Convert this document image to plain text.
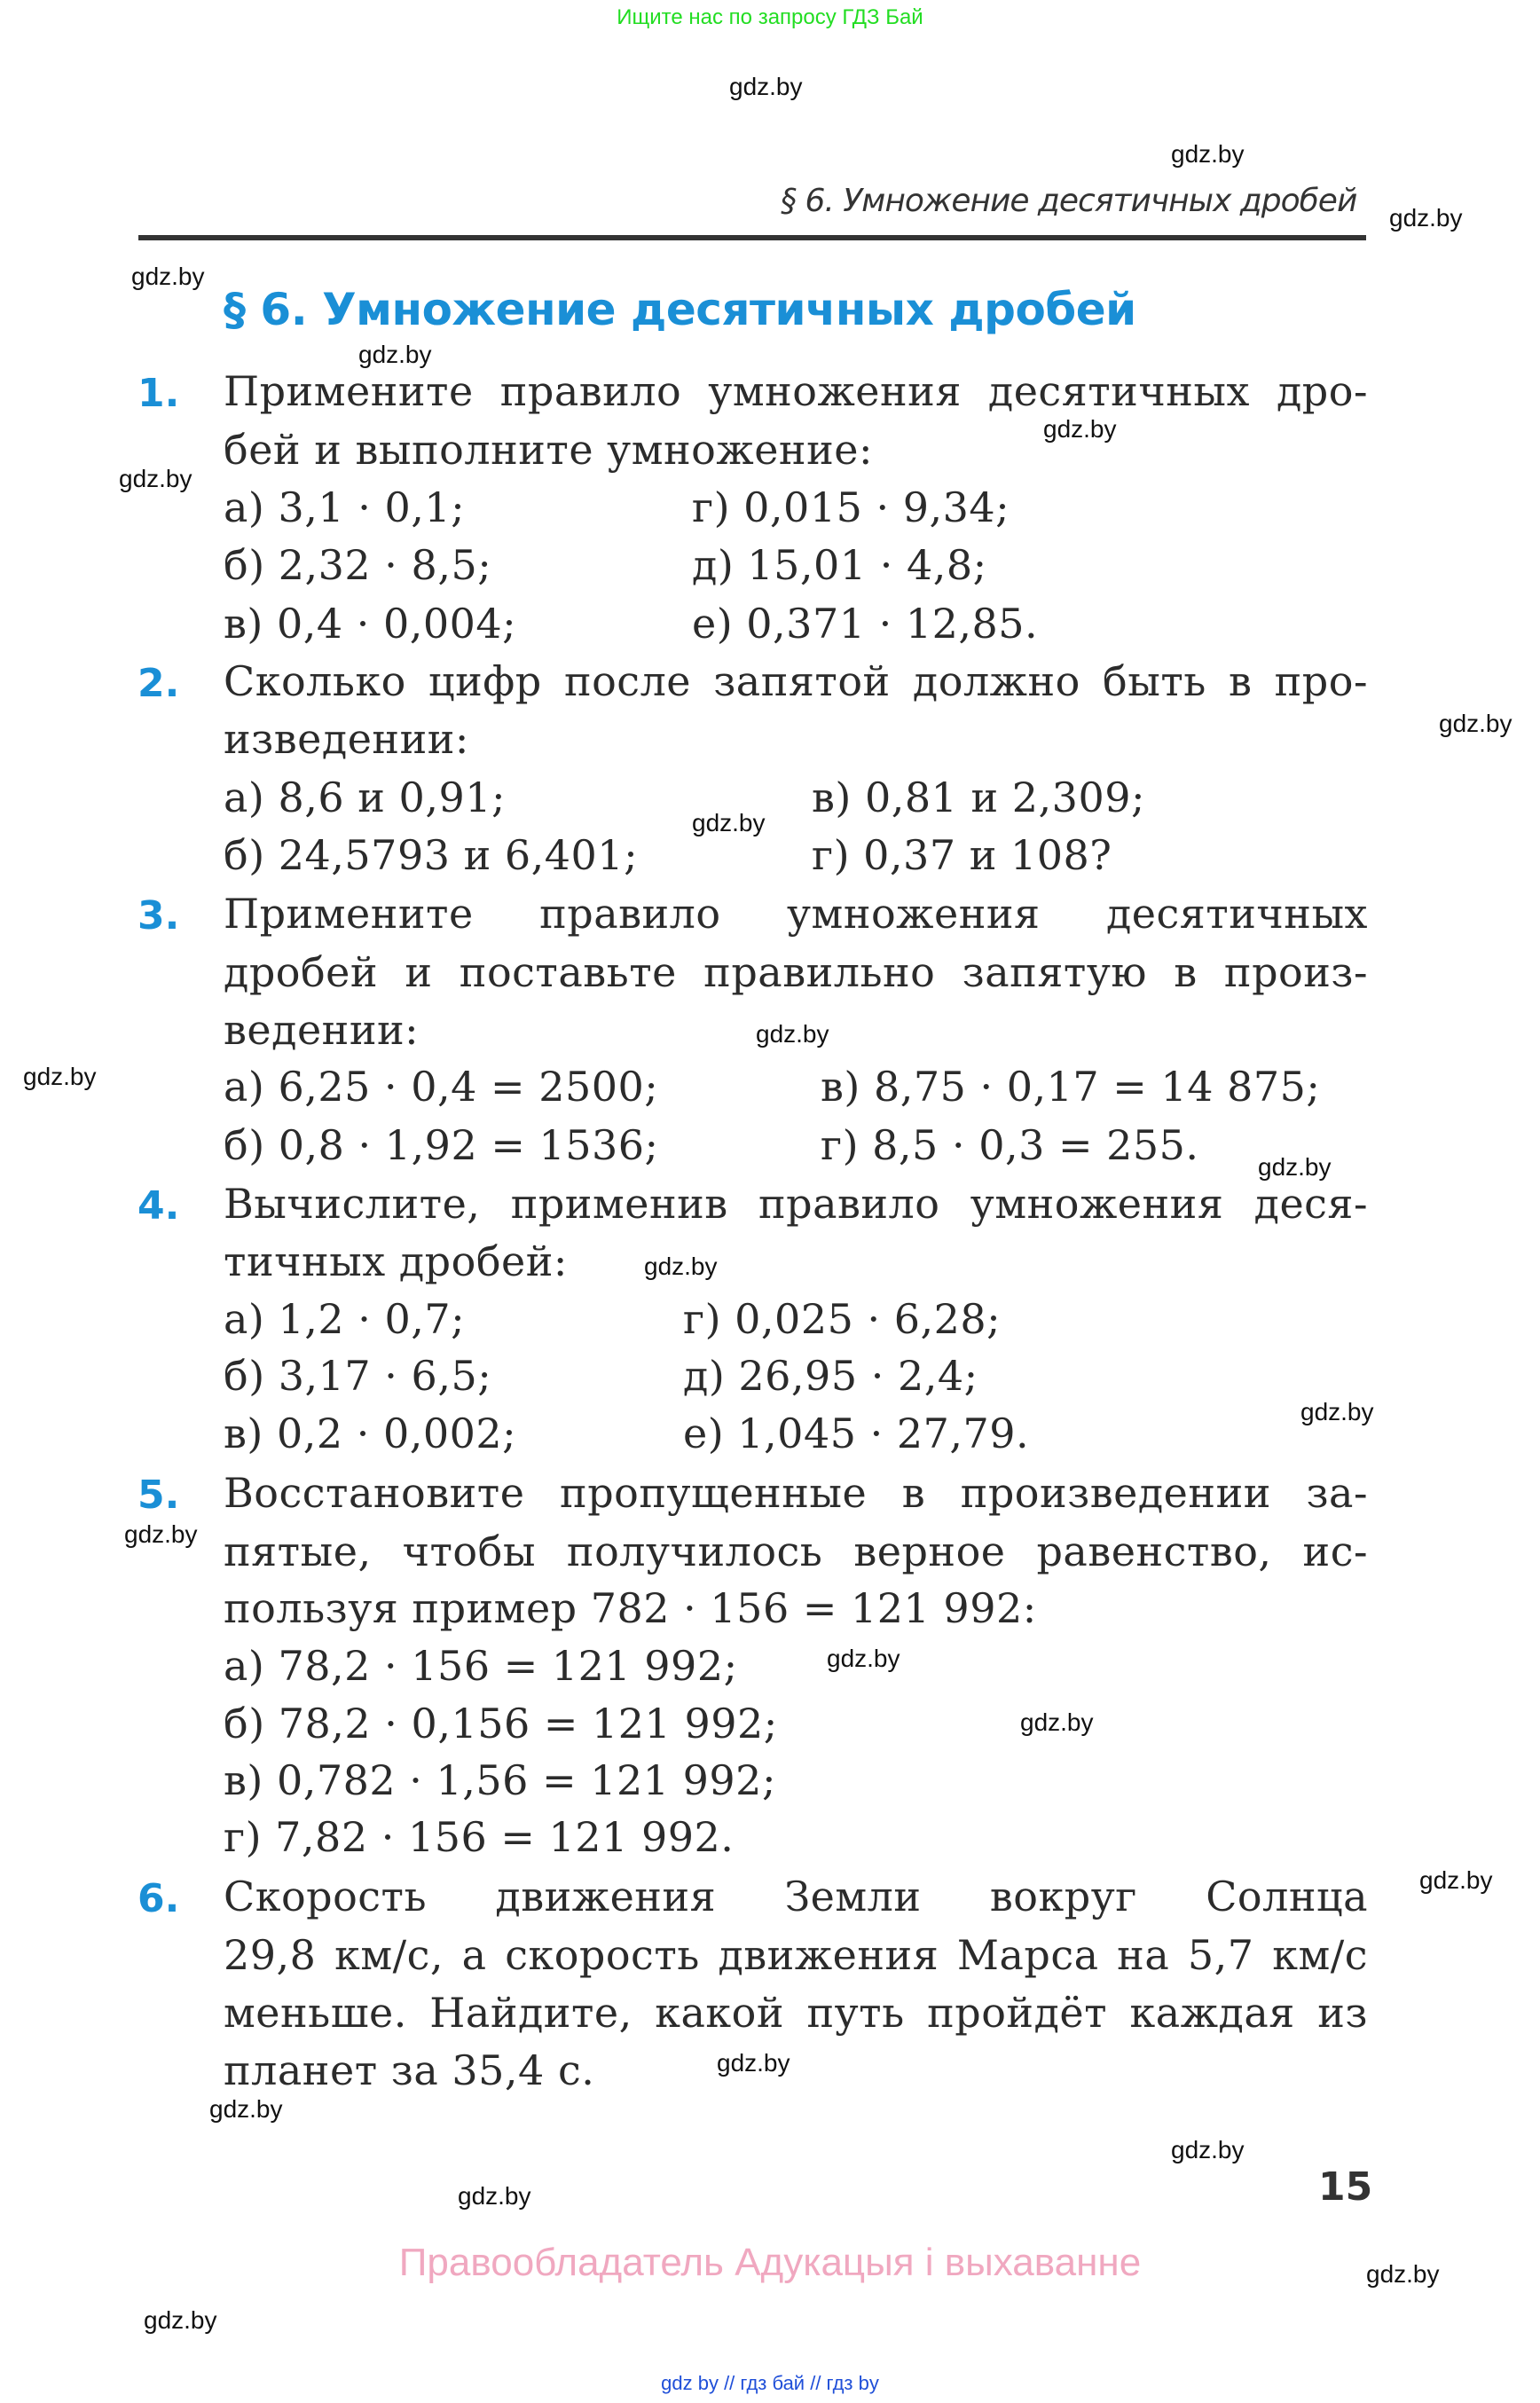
Ищите нас по запросу ГДЗ Бай
gdz.by
gdz.by
gdz.by
gdz.by
gdz.by
gdz.by
gdz.by
gdz.by
gdz.by
gdz.by
gdz.by
gdz.by
gdz.by
gdz.by
gdz.by
gdz.by
gdz.by
gdz.by
gdz.by
gdz.by
gdz.by
gdz.by
gdz.by
gdz.by
§ 6. Умножение десятичных дробей
§ 6. Умножение десятичных дробей
1. Примените правило умножения десятичных дро-
бей и выполните умножение:
а) 3,1 · 0,1;	г) 0,015 · 9,34;
б) 2,32 · 8,5;	д) 15,01 · 4,8;
в) 0,4 · 0,004;	е) 0,371 · 12,85.
2. Сколько цифр после запятой должно быть в про-
изведении:
а) 8,6 и 0,91;	в) 0,81 и 2,309;
б) 24,5793 и 6,401;	г) 0,37 и 108?
3. Примените правило умножения десятичных
дробей и поставьте правильно запятую в произ-
ведении:
а) 6,25 · 0,4 = 2500;	в) 8,75 · 0,17 = 14 875;
б) 0,8 · 1,92 = 1536;	г) 8,5 · 0,3 = 255.
4. Вычислите, применив правило умножения деся-
тичных дробей:
а) 1,2 · 0,7;	г) 0,025 · 6,28;
б) 3,17 · 6,5;	д) 26,95 · 2,4;
в) 0,2 · 0,002;	е) 1,045 · 27,79.
5. Восстановите пропущенные в произведении за-
пятые, чтобы получилось верное равенство, ис-
пользуя пример 782 · 156 = 121 992:
а) 78,2 · 156 = 121 992;
б) 78,2 · 0,156 = 121 992;
в) 0,782 · 1,56 = 121 992;
г) 7,82 · 156 = 121 992.
6. Скорость движения Земли вокруг Солнца
29,8 км/с, а скорость движения Марса на 5,7 км/с
меньше. Найдите, какой путь пройдёт каждая из
планет за 35,4 с.
15
Правообладатель Адукацыя і выхаванне
gdz by // гдз бай // гдз by
